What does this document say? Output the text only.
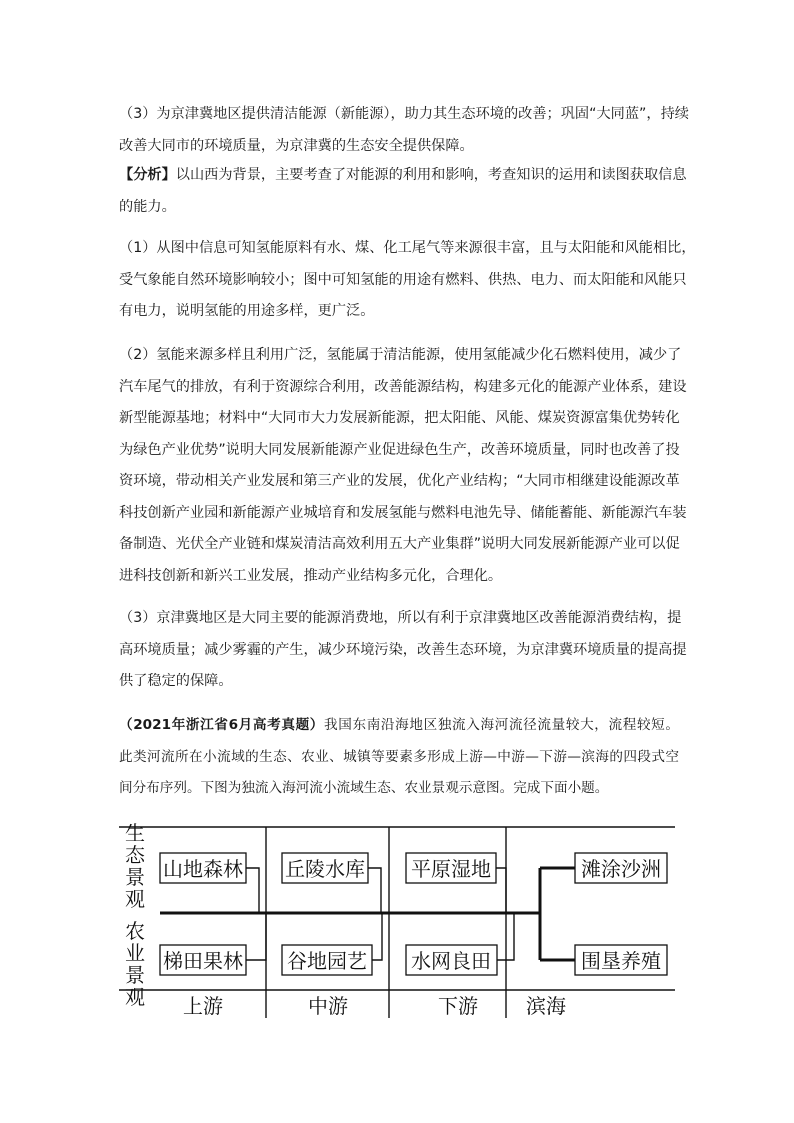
（3）为京津冀地区提供清洁能源（新能源），助力其生态环境的改善；巩固“大同蓝”，持续
改善大同市的环境质量，为京津冀的生态安全提供保障。
【分析】以山西为背景，主要考查了对能源的利用和影响，考查知识的运用和读图获取信息
的能力。
（1）从图中信息可知氢能原料有水、煤、化工尾气等来源很丰富，且与太阳能和风能相比，
受气象能自然环境影响较小；图中可知氢能的用途有燃料、供热、电力、而太阳能和风能只
有电力，说明氢能的用途多样，更广泛。
（2）氢能来源多样且利用广泛，氢能属于清洁能源，使用氢能减少化石燃料使用，减少了
汽车尾气的排放，有利于资源综合利用，改善能源结构，构建多元化的能源产业体系，建设
新型能源基地；材料中“大同市大力发展新能源，把太阳能、风能、煤炭资源富集优势转化
为绿色产业优势”说明大同发展新能源产业促进绿色生产，改善环境质量，同时也改善了投
资环境，带动相关产业发展和第三产业的发展，优化产业结构；“大同市相继建设能源改革
科技创新产业园和新能源产业城培育和发展氢能与燃料电池先导、储能蓄能、新能源汽车装
备制造、光伏全产业链和煤炭清洁高效利用五大产业集群”说明大同发展新能源产业可以促
进科技创新和新兴工业发展，推动产业结构多元化，合理化。
（3）京津冀地区是大同主要的能源消费地，所以有利于京津冀地区改善能源消费结构，提
高环境质量；减少雾霾的产生，减少环境污染，改善生态环境，为京津冀环境质量的提高提
供了稳定的保障。
（2021年浙江省6月高考真题）我国东南沿海地区独流入海河流径流量较大，流程较短。
此类河流所在小流域的生态、农业、城镇等要素多形成上游—中游—下游—滨海的四段式空
间分布序列。下图为独流入海河流小流域生态、农业景观示意图。完成下面小题。
山地森林 丘陵水库 平原湿地	滩涂沙洲
梯田果林 谷地园艺 水网良田	围垦养殖
生
态
景
观
农
业
景
观 上游	中游	下游 滨海
